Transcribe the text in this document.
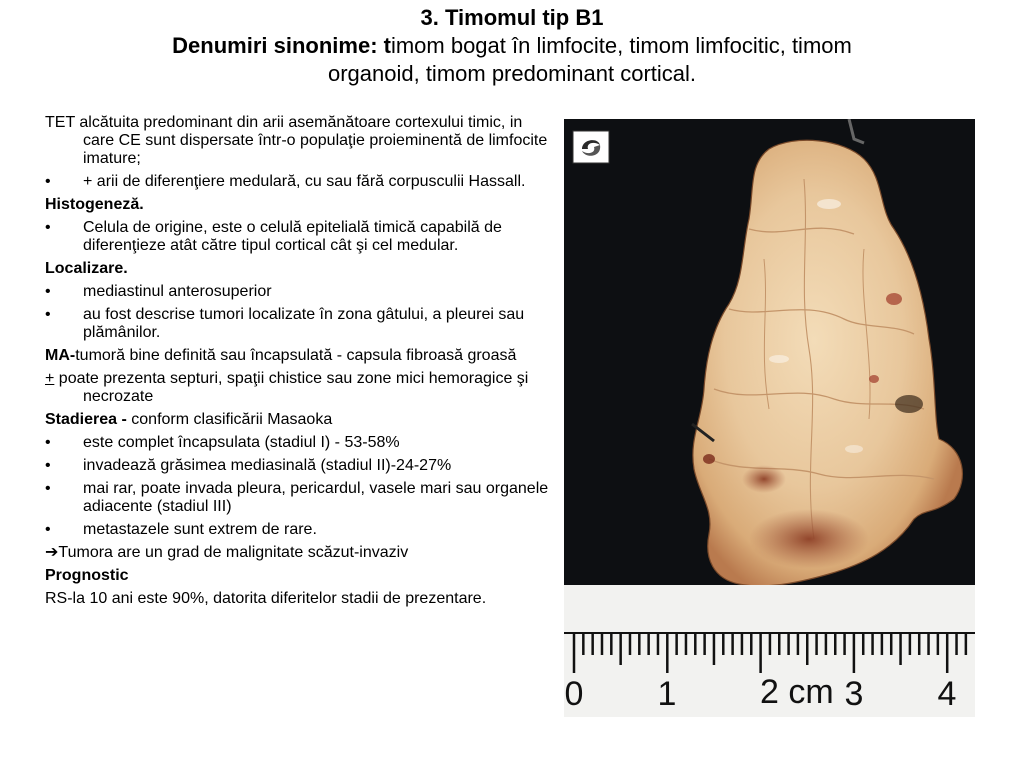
3. Timomul tip B1
Denumiri sinonime: timom bogat în limfocite, timom limfocitic, timom
organoid, timom predominant cortical.
TET alcătuita predominant din arii asemănătoare cortexului timic, in care CE sunt dispersate într-o populaţie proieminentă de limfocite imature;
• + arii de diferenţiere medulară, cu sau fără corpusculii Hassall.
Histogeneză.
• Celula de origine, este o celulă epitelială timică capabilă de diferenţieze atât către tipul cortical cât şi cel medular.
Localizare.
• mediastinul anterosuperior
• au fost descrise tumori localizate în zona gâtului, a pleurei sau plămânilor.
MA-tumoră bine definită sau încapsulată - capsula fibroasă groasă
+ poate prezenta septuri, spaţii chistice sau zone mici hemoragice şi necrozate
Stadierea - conform clasificării Masaoka
• este complet încapsulata (stadiul I) - 53-58%
• invadează grăsimea mediasinală (stadiul II)-24-27%
• mai rar, poate invada pleura, pericardul, vasele mari sau organele adiacente (stadiul III)
• metastazele sunt extrem de rare.
➔Tumora are un grad de malignitate scăzut-invaziv
Prognostic
RS-la 10 ani este 90%, datorita diferitelor stadii de prezentare.
0 1 2 cm 3 4
